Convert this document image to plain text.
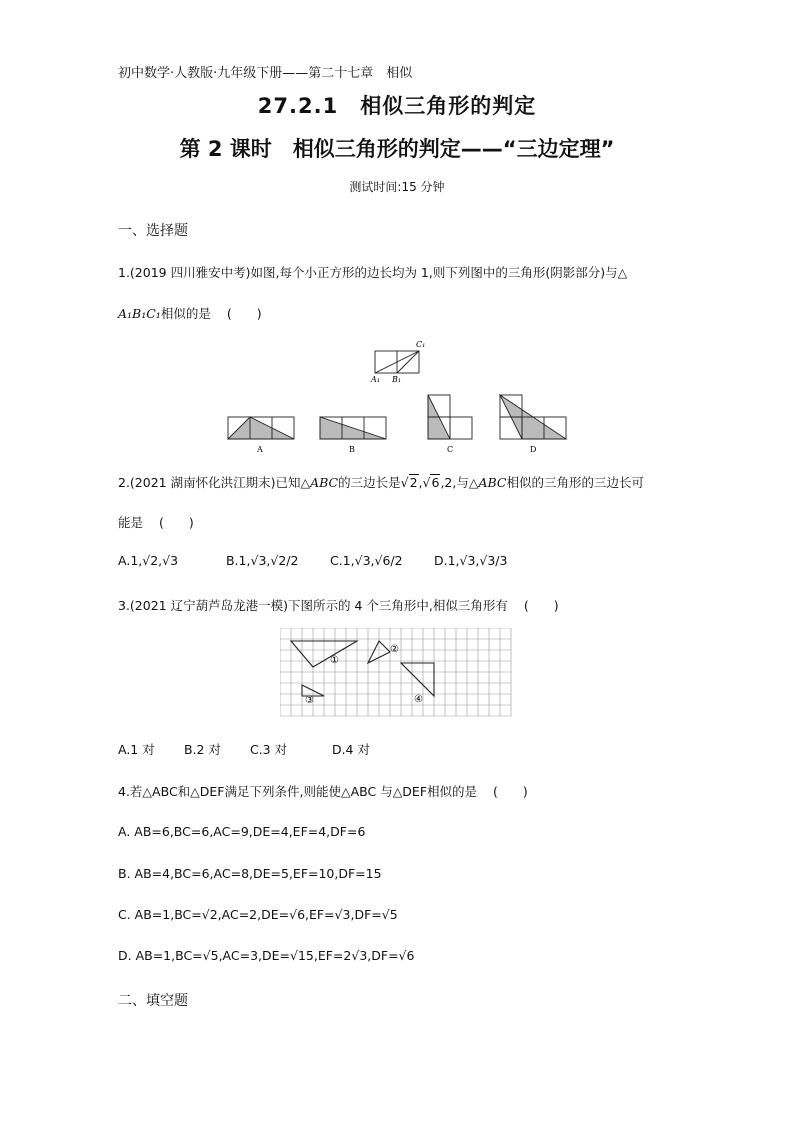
初中数学·人教版·九年级下册——第二十七章　相似
27.2.1　相似三角形的判定
第 2 课时　相似三角形的判定——“三边定理”
测试时间:15 分钟
一、选择题
1.(2019 四川雅安中考)如图,每个小正方形的边长均为 1,则下列图中的三角形(阴影部分)与△
A₁B₁C₁相似的是 (　　)
A₁ B₁
C₁
A	B	C	D
2.(2021 湖南怀化洪江期末)已知△ABC的三边长是√2,√6,2,与△ABC相似的三角形的三边长可
能是 (　　)
A.1,√2,√3	B.1,√3,√2/2	C.1,√3,√6/2	D.1,√3,√3/3
3.(2021 辽宁葫芦岛龙港一模)下图所示的 4 个三角形中,相似三角形有 (　　)
①
②
③	④
A.1 对 B.2 对 C.3 对	D.4 对
4.若△ABC和△DEF满足下列条件,则能使△ABC 与△DEF相似的是 (　　)
A. AB=6,BC=6,AC=9,DE=4,EF=4,DF=6
B. AB=4,BC=6,AC=8,DE=5,EF=10,DF=15
C. AB=1,BC=√2,AC=2,DE=√6,EF=√3,DF=√5
D. AB=1,BC=√5,AC=3,DE=√15,EF=2√3,DF=√6
二、填空题
